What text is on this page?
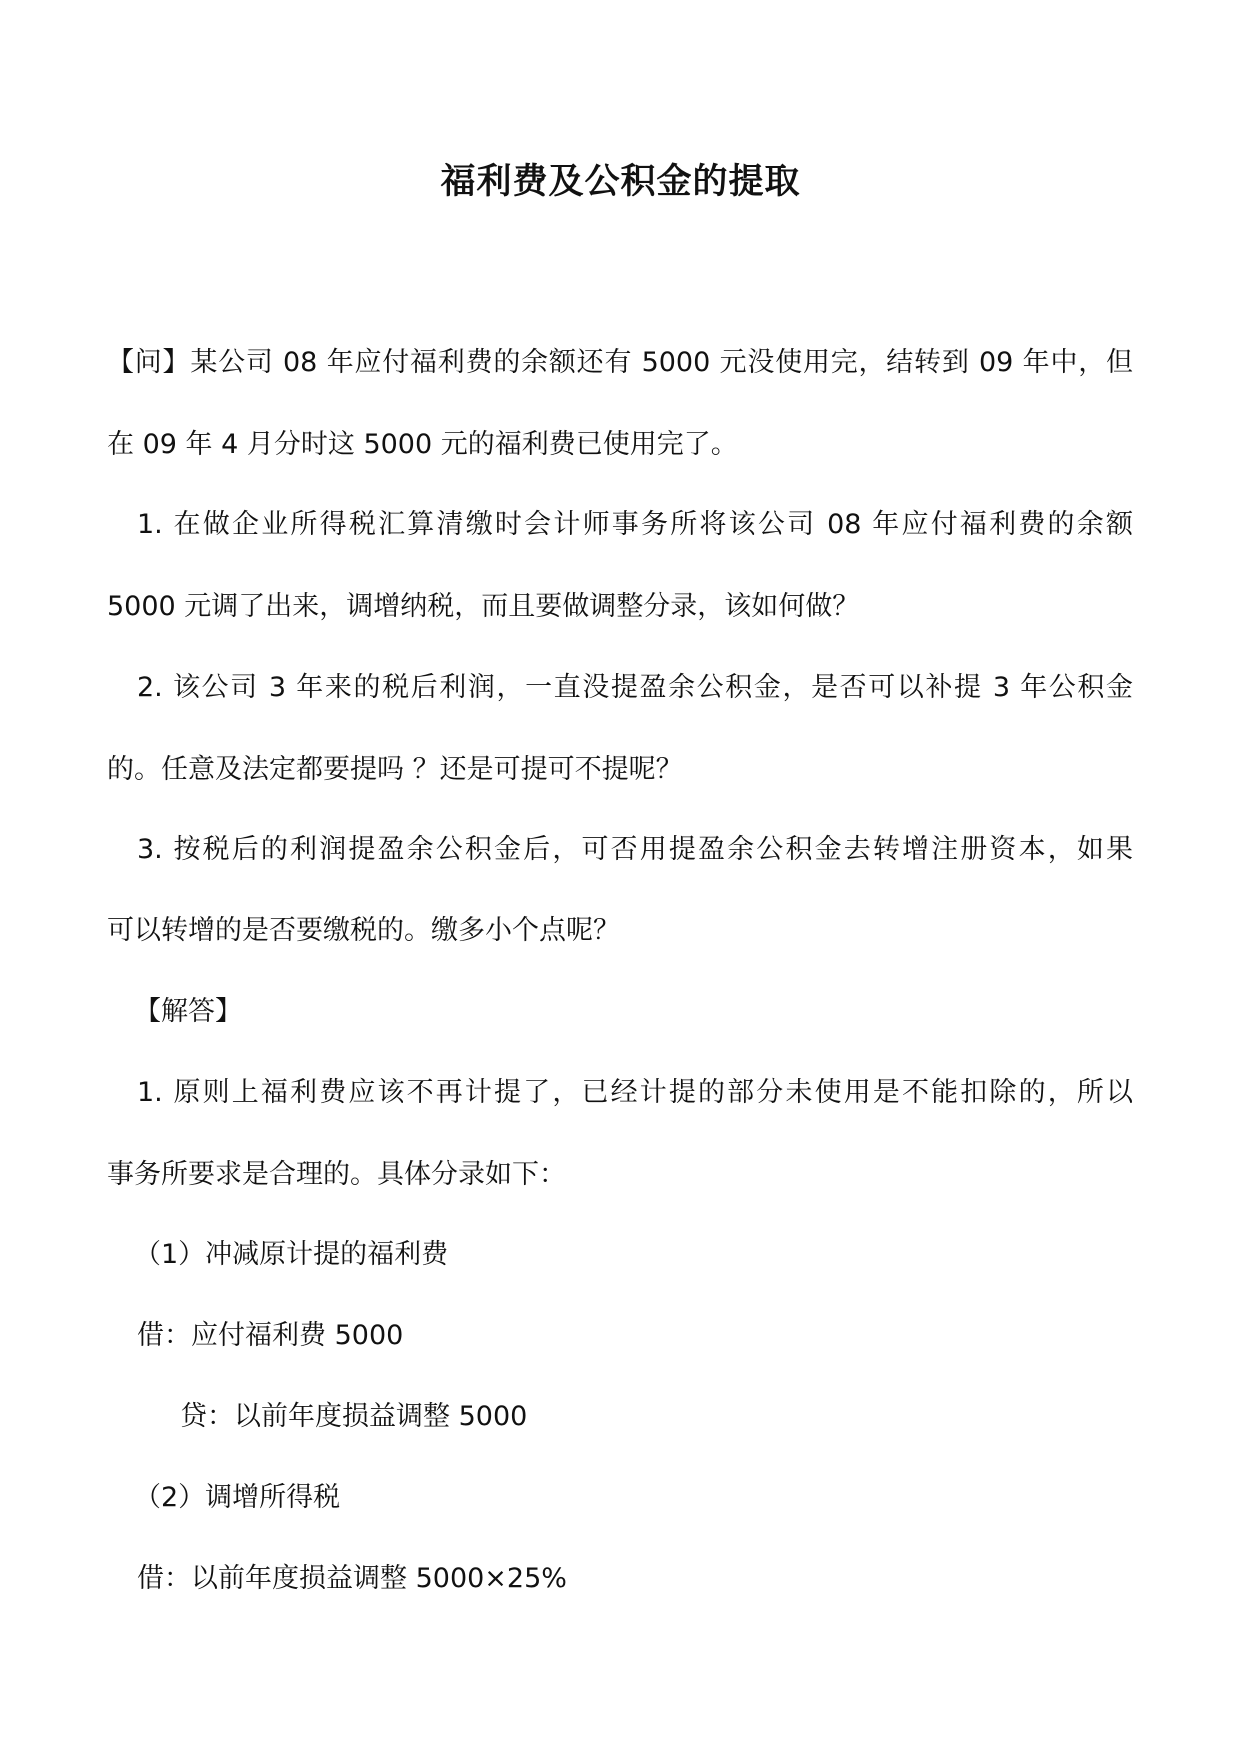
福利费及公积金的提取
【问】某公司 08 年应付福利费的余额还有 5000 元没使用完，结转到 09 年中，但
在 09 年 4 月分时这 5000 元的福利费已使用完了。
1. 在做企业所得税汇算清缴时会计师事务所将该公司 08 年应付福利费的余额
5000 元调了出来，调增纳税，而且要做调整分录，该如何做？
2. 该公司 3 年来的税后利润，一直没提盈余公积金，是否可以补提 3 年公积金
的。任意及法定都要提吗 ？还是可提可不提呢？
3. 按税后的利润提盈余公积金后，可否用提盈余公积金去转增注册资本，如果
可以转增的是否要缴税的。缴多小个点呢？
【解答】
1. 原则上福利费应该不再计提了，已经计提的部分未使用是不能扣除的，所以
事务所要求是合理的。具体分录如下：
（1）冲减原计提的福利费
借：应付福利费 5000
贷：以前年度损益调整 5000
（2）调增所得税
借：以前年度损益调整 5000×25%
